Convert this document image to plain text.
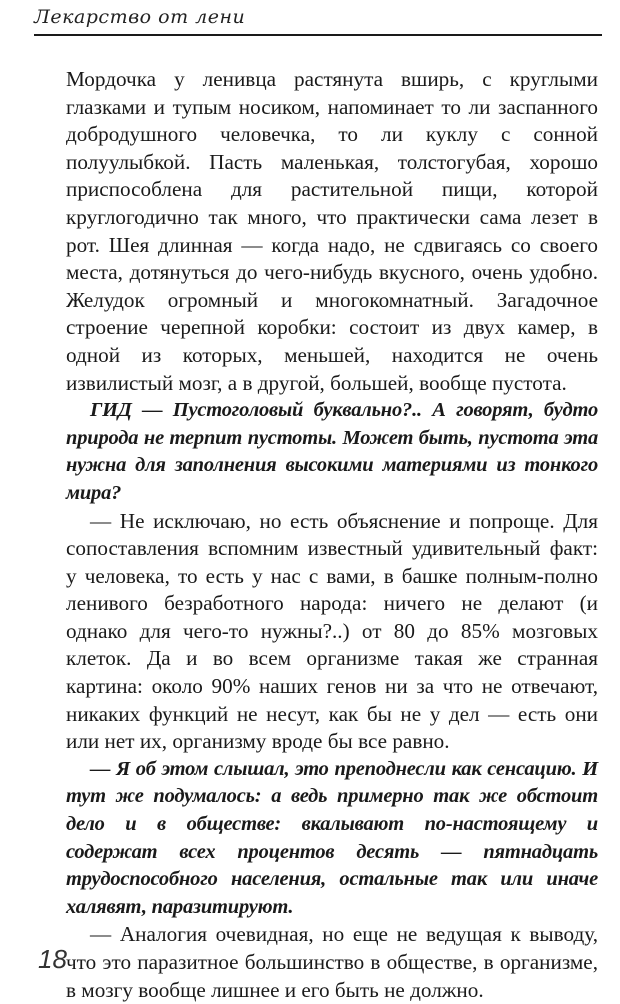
Лекарство от лени

Мордочка у ленивца растянута вширь, с круглыми глазками и тупым носиком, напоминает то ли заспанного добродушного человечка, то ли куклу с сонной полуулыбкой. Пасть маленькая, толстогубая, хорошо приспособлена для растительной пищи, которой круглогодично так много, что практически сама лезет в рот. Шея длинная — когда надо, не сдвигаясь со своего места, дотянуться до чего-нибудь вкусного, очень удобно. Желудок огромный и многокомнатный. Загадочное строение черепной коробки: состоит из двух камер, в одной из которых, меньшей, находится не очень извилистый мозг, а в другой, большей, вообще пустота.

ГИД — Пустоголовый буквально?.. А говорят, будто природа не терпит пустоты. Может быть, пустота эта нужна для заполнения высокими материями из тонкого мира?

— Не исключаю, но есть объяснение и попроще. Для сопоставления вспомним известный удивительный факт: у человека, то есть у нас с вами, в башке полным-полно ленивого безработного народа: ничего не делают (и однако для чего-то нужны?..) от 80 до 85% мозговых клеток. Да и во всем организме такая же странная картина: около 90% наших генов ни за что не отвечают, никаких функций не несут, как бы не у дел — есть они или нет их, организму вроде бы все равно.

— Я об этом слышал, это преподнесли как сенсацию. И тут же подумалось: а ведь примерно так же обстоит дело и в обществе: вкалывают по-настоящему и содержат всех процентов десять — пятнадцать трудоспособного населения, остальные так или иначе халявят, паразитируют.

— Аналогия очевидная, но еще не ведущая к выводу, что это паразитное большинство в обществе, в организме, в мозгу вообще лишнее и его быть не должно.

18
